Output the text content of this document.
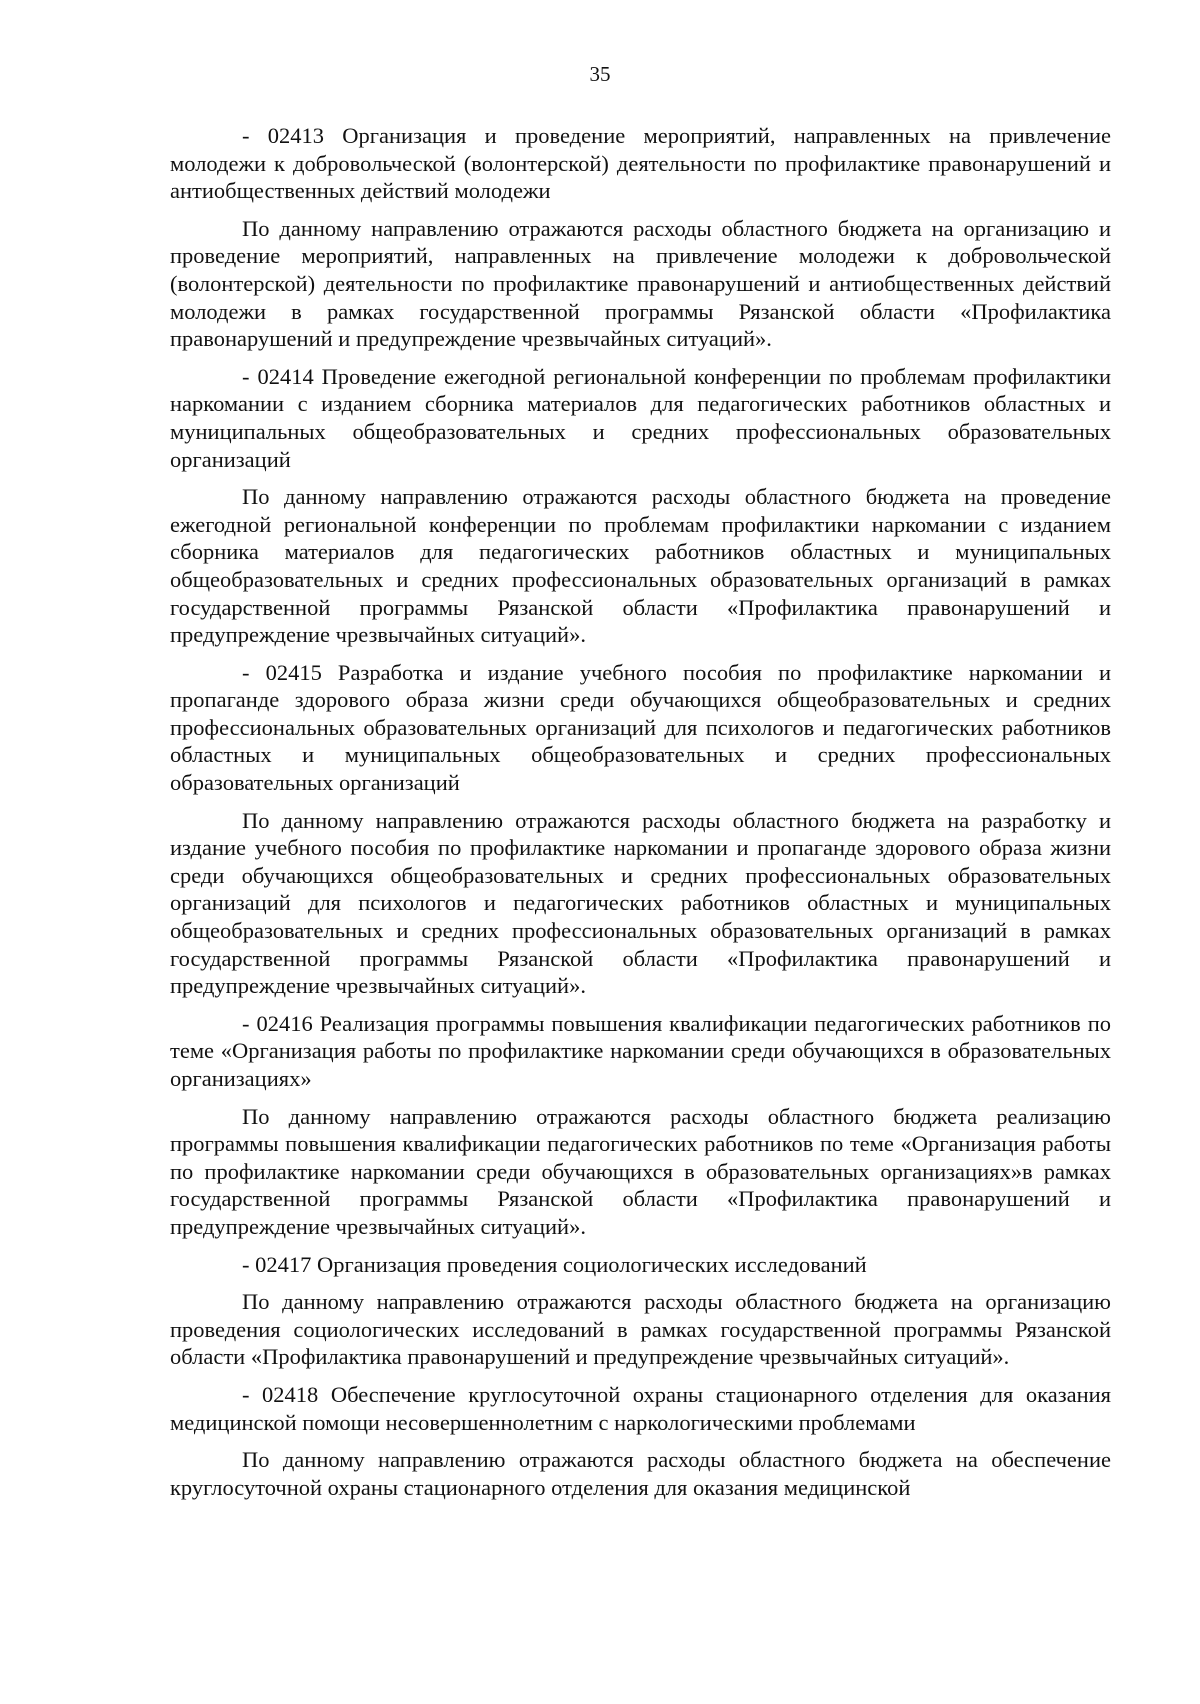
35

- 02413 Организация и проведение мероприятий, направленных на привлечение молодежи к добровольческой (волонтерской) деятельности по профилактике правонарушений и антиобщественных действий молодежи

По данному направлению отражаются расходы областного бюджета на организацию и проведение мероприятий, направленных на привлечение молодежи к добровольческой (волонтерской) деятельности по профилактике правонарушений и антиобщественных действий молодежи в рамках государственной программы Рязанской области «Профилактика правонарушений и предупреждение чрезвычайных ситуаций».

- 02414 Проведение ежегодной региональной конференции по проблемам профилактики наркомании с изданием сборника материалов для педагогических работников областных и муниципальных общеобразовательных и средних профессиональных образовательных организаций

По данному направлению отражаются расходы областного бюджета на проведение ежегодной региональной конференции по проблемам профилактики наркомании с изданием сборника материалов для педагогических работников областных и муниципальных общеобразовательных и средних профессиональных образовательных организаций в рамках государственной программы Рязанской области «Профилактика правонарушений и предупреждение чрезвычайных ситуаций».

- 02415 Разработка и издание учебного пособия по профилактике наркомании и пропаганде здорового образа жизни среди обучающихся общеобразовательных и средних профессиональных образовательных организаций для психологов и педагогических работников областных и муниципальных общеобразовательных и средних профессиональных образовательных организаций

По данному направлению отражаются расходы областного бюджета на разработку и издание учебного пособия по профилактике наркомании и пропаганде здорового образа жизни среди обучающихся общеобразовательных и средних профессиональных образовательных организаций для психологов и педагогических работников областных и муниципальных общеобразовательных и средних профессиональных образовательных организаций в рамках государственной программы Рязанской области «Профилактика правонарушений и предупреждение чрезвычайных ситуаций».

- 02416 Реализация программы повышения квалификации педагогических работников по теме «Организация работы по профилактике наркомании среди обучающихся в образовательных организациях»

По данному направлению отражаются расходы областного бюджета реализацию программы повышения квалификации педагогических работников по теме «Организация работы по профилактике наркомании среди обучающихся в образовательных организациях»в рамках государственной программы Рязанской области «Профилактика правонарушений и предупреждение чрезвычайных ситуаций».

- 02417 Организация проведения социологических исследований

По данному направлению отражаются расходы областного бюджета на организацию проведения социологических исследований в рамках государственной программы Рязанской области «Профилактика правонарушений и предупреждение чрезвычайных ситуаций».

- 02418 Обеспечение круглосуточной охраны стационарного отделения для оказания медицинской помощи несовершеннолетним с наркологическими проблемами

По данному направлению отражаются расходы областного бюджета на обеспечение круглосуточной охраны стационарного отделения для оказания медицинской
